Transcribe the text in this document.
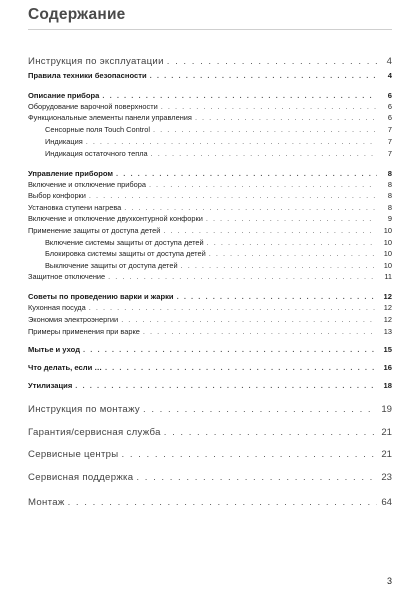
Содержание
Инструкция по эксплуатации . . .	4
Правила техники безопасности . . .	4
Описание прибора . . .	6
Оборудование варочной поверхности . . .	6
Функциональные элементы панели управления . . .	6
Сенсорные поля Touch Control . . .	7
Индикация . . .	7
Индикация остаточного тепла . . .	7
Управление прибором . . .	8
Включение и отключение прибора . . .	8
Выбор конфорки . . .	8
Установка ступени нагрева . . .	8
Включение и отключение двухконтурной конфорки . . .	9
Применение защиты от доступа детей . . .	10
Включение системы защиты от доступа детей . . .	10
Блокировка системы защиты от доступа детей . . .	10
Выключение защиты от доступа детей . . .	10
Защитное отключение . . .	11
Советы по проведению варки и жарки . . .	12
Кухонная посуда . . .	12
Экономия электроэнергии . . .	12
Примеры применения при варке . . .	13
Мытье и уход . . .	15
Что делать, если … . . .	16
Утилизация . . .	18
Инструкция по монтажу . . .	19
Гарантия/сервисная служба . . .	21
Сервисные центры . . .	21
Сервисная поддержка . . .	23
Монтаж . . .	64
3
